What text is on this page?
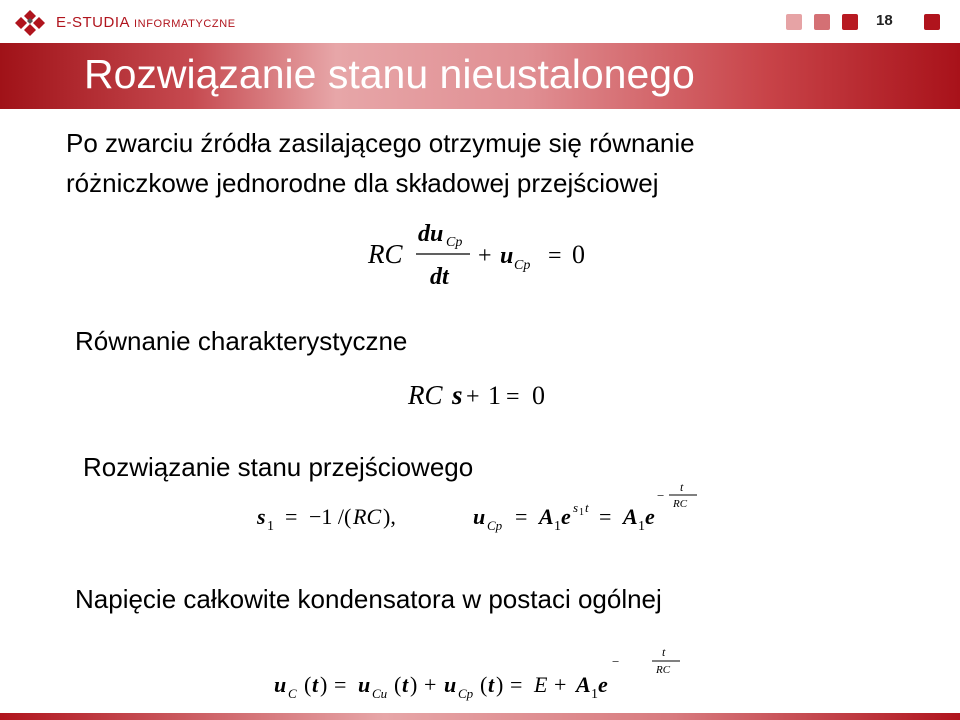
E-STUDIA INFORMATYCZNE	18
Rozwiązanie stanu nieustalonego
Po zwarciu źródła zasilającego otrzymuje się równanie
różniczkowe jednorodne dla składowej przejściowej
RC
du Cp
dt
+ u Cp = 0
Równanie charakterystyczne
RC s + 1 = 0
Rozwiązanie stanu przejściowego
s 1 = −1 /( RC ),	u Cp = A 1 e s 1 t = A 1 e
−
t
RC
Napięcie całkowite kondensatora w postaci ogólnej
u C ( t ) = u Cu ( t ) + u Cp ( t ) = E + A 1 e
−
t
RC
